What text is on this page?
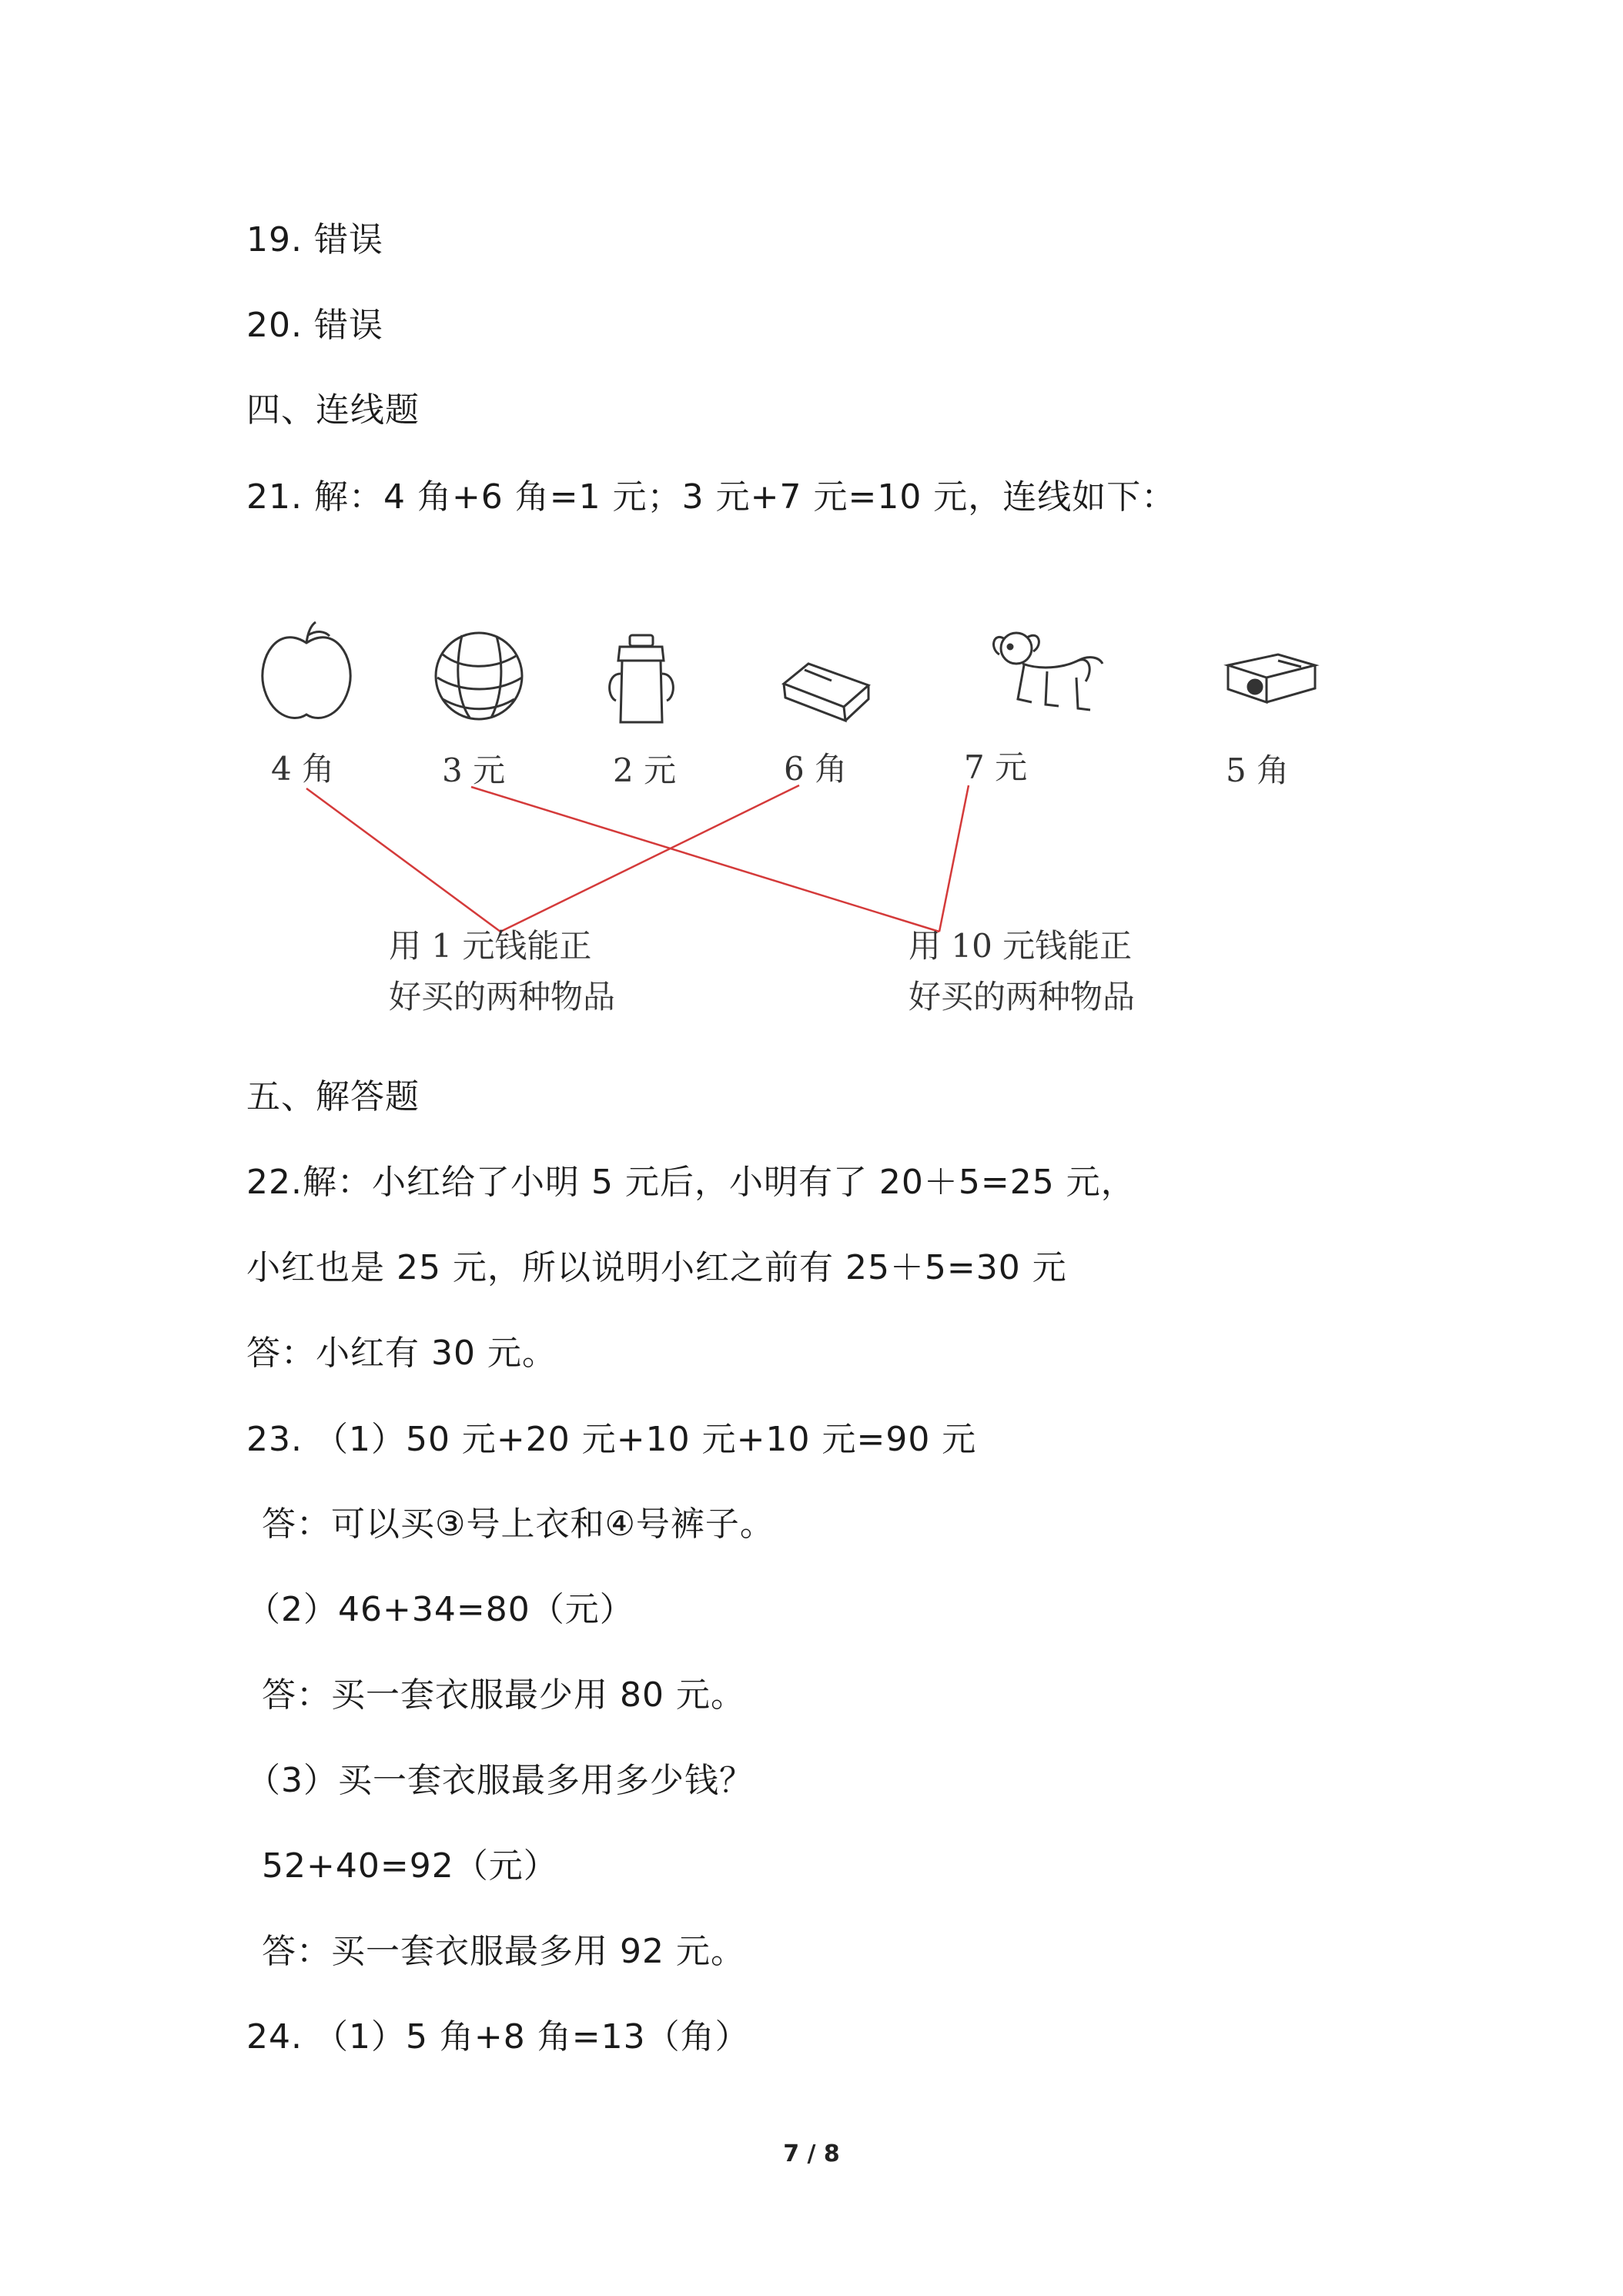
19. 错误
20. 错误
四、连线题
21. 解：4 角+6 角=1 元；3 元+7 元=10 元，连线如下：
4 角	3 元	2 元	6 角	7 元	5 角
用 1 元钱能正
好买的两种物品
用 10 元钱能正
好买的两种物品
五、解答题
22.解：小红给了小明 5 元后，小明有了 20＋5=25 元，
小红也是 25 元，所以说明小红之前有 25＋5=30 元
答：小红有 30 元。
23. （1）50 元+20 元+10 元+10 元=90 元
答：可以买③号上衣和④号裤子。
（2）46+34=80（元）
答：买一套衣服最少用 80 元。
（3）买一套衣服最多用多少钱？
52+40=92（元）
答：买一套衣服最多用 92 元。
24. （1）5 角+8 角=13（角）
7 / 8
